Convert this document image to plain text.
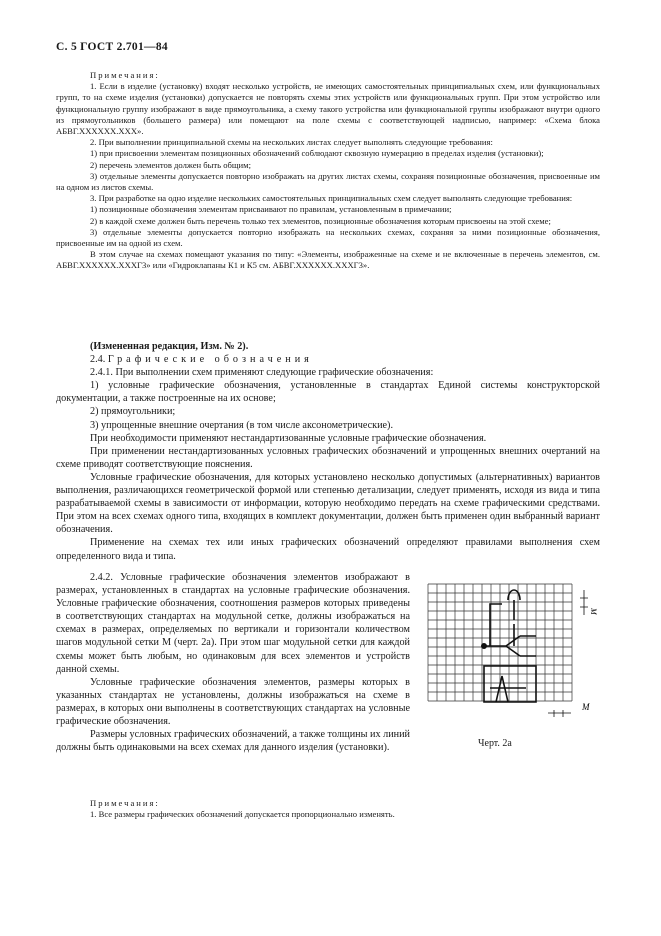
С. 5 ГОСТ 2.701—84

Примечания:

1. Если в изделие (установку) входят несколько устройств, не имеющих самостоятельных принципиальных схем, или функциональных групп, то на схеме изделия (установки) допускается не повторять схемы этих устройств или функциональных групп. При этом устройство или функциональную группу изображают в виде прямоугольника, а схему такого устройства или функциональной группы изображают внутри одного из прямоугольников (большего размера) или помещают на поле схемы с соответствующей надписью, например: «Схема блока АБВГ.XXXXXX.XXX».

2. При выполнении принципиальной схемы на нескольких листах следует выполнять следующие требования:

1) при присвоении элементам позиционных обозначений соблюдают сквозную нумерацию в пределах изделия (установки);

2) перечень элементов должен быть общим;

3) отдельные элементы допускается повторно изображать на других листах схемы, сохраняя позиционные обозначения, присвоенные им на одном из листов схемы.

3. При разработке на одно изделие нескольких самостоятельных принципиальных схем следует выполнять следующие требования:

1) позиционные обозначения элементам присваивают по правилам, установленным в примечании;

2) в каждой схеме должен быть перечень только тех элементов, позиционные обозначения которым присвоены на этой схеме;

3) отдельные элементы допускается повторно изображать на нескольких схемах, сохраняя за ними позиционные обозначения, присвоенные им на одной из схем.

В этом случае на схемах помещают указания по типу: «Элементы, изображенные на схеме и не включенные в перечень элементов, см. АБВГ.XXXXXX.XXXГ3» или «Гидроклапаны К1 и К5 см. АБВГ.XXXXXX.XXXГ3».

(Измененная редакция, Изм. № 2).

2.4. Графические обозначения

2.4.1. При выполнении схем применяют следующие графические обозначения:

1) условные графические обозначения, установленные в стандартах Единой системы конструкторской документации, а также построенные на их основе;

2) прямоугольники;

3) упрощенные внешние очертания (в том числе аксонометрические).

При необходимости применяют нестандартизованные условные графические обозначения.

При применении нестандартизованных условных графических обозначений и упрощенных внешних очертаний на схеме приводят соответствующие пояснения.

Условные графические обозначения, для которых установлено несколько допустимых (альтернативных) вариантов выполнения, различающихся геометрической формой или степенью детализации, следует применять, исходя из вида и типа разрабатываемой схемы в зависимости от информации, которую необходимо передать на схеме графическими средствами. При этом на всех схемах одного типа, входящих в комплект документации, должен быть применен один выбранный вариант обозначения.

Применение на схемах тех или иных графических обозначений определяют правилами выполнения схем определенного вида и типа.

2.4.2. Условные графические обозначения элементов изображают в размерах, установленных в стандартах на условные графические обозначения. Условные графические обозначения, соотношения размеров которых приведены в соответствующих стандартах на модульной сетке, должны изображаться на схемах в размерах, определяемых по вертикали и горизонтали количеством шагов модульной сетки М (черт. 2а). При этом шаг модульной сетки для каждой схемы может быть любым, но одинаковым для всех элементов и устройств данной схемы.

Условные графические обозначения элементов, размеры которых в указанных стандартах не установлены, должны изображаться на схеме в размерах, в которых они выполнены в соответствующих стандартах на условные графические обозначения.

Размеры условных графических обозначений, а также толщины их линий должны быть одинаковыми на всех схемах для данного изделия (установки).

M
M
Черт. 2а

Примечания:

1. Все размеры графических обозначений допускается пропорционально изменять.
